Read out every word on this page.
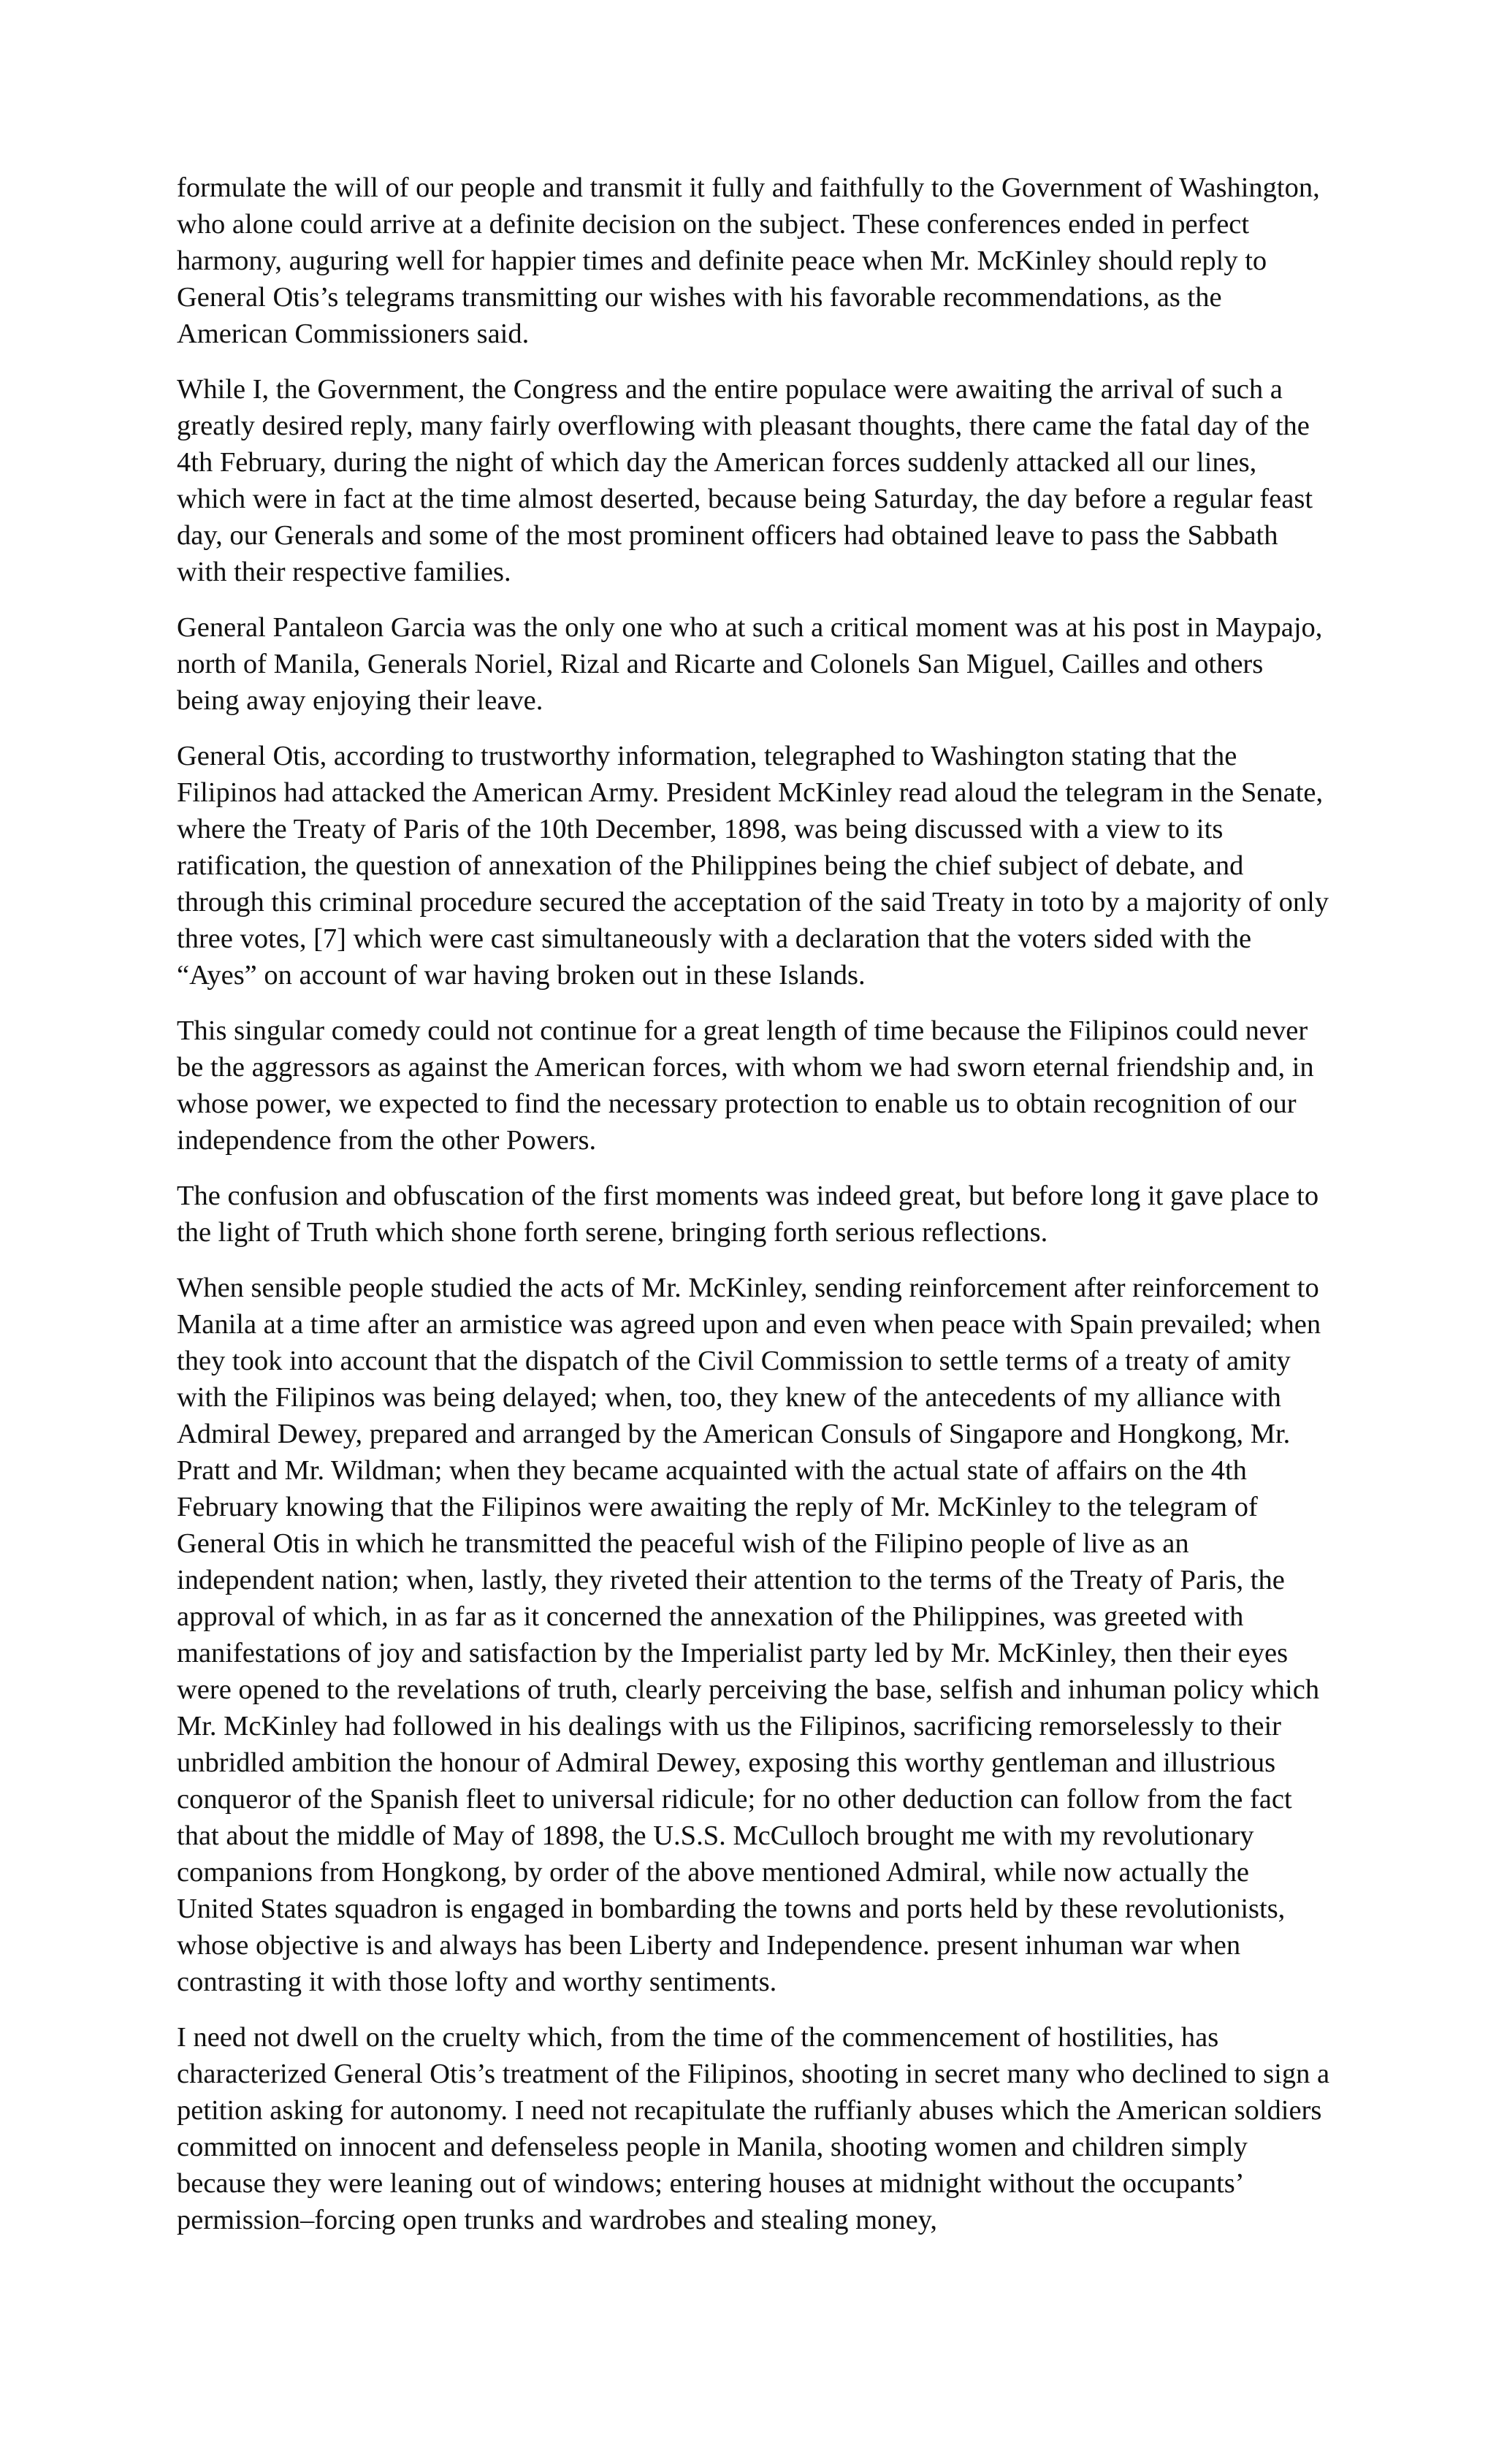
formulate the will of our people and transmit it fully and faithfully to the Government of Washington, who alone could arrive at a definite decision on the subject. These conferences ended in perfect harmony, auguring well for happier times and definite peace when Mr. McKinley should reply to General Otis’s telegrams transmitting our wishes with his favorable recommendations, as the American Commissioners said.

While I, the Government, the Congress and the entire populace were awaiting the arrival of such a greatly desired reply, many fairly overflowing with pleasant thoughts, there came the fatal day of the 4th February, during the night of which day the American forces suddenly attacked all our lines, which were in fact at the time almost deserted, because being Saturday, the day before a regular feast day, our Generals and some of the most prominent officers had obtained leave to pass the Sabbath with their respective families.

General Pantaleon Garcia was the only one who at such a critical moment was at his post in Maypajo, north of Manila, Generals Noriel, Rizal and Ricarte and Colonels San Miguel, Cailles and others being away enjoying their leave.

General Otis, according to trustworthy information, telegraphed to Washington stating that the Filipinos had attacked the American Army. President McKinley read aloud the telegram in the Senate, where the Treaty of Paris of the 10th December, 1898, was being discussed with a view to its ratification, the question of annexation of the Philippines being the chief subject of debate, and through this criminal procedure secured the acceptation of the said Treaty in toto by a majority of only three votes, [7] which were cast simultaneously with a declaration that the voters sided with the “Ayes” on account of war having broken out in these Islands.

This singular comedy could not continue for a great length of time because the Filipinos could never be the aggressors as against the American forces, with whom we had sworn eternal friendship and, in whose power, we expected to find the necessary protection to enable us to obtain recognition of our independence from the other Powers.

The confusion and obfuscation of the first moments was indeed great, but before long it gave place to the light of Truth which shone forth serene, bringing forth serious reflections.

When sensible people studied the acts of Mr. McKinley, sending reinforcement after reinforcement to Manila at a time after an armistice was agreed upon and even when peace with Spain prevailed; when they took into account that the dispatch of the Civil Commission to settle terms of a treaty of amity with the Filipinos was being delayed; when, too, they knew of the antecedents of my alliance with Admiral Dewey, prepared and arranged by the American Consuls of Singapore and Hongkong, Mr. Pratt and Mr. Wildman; when they became acquainted with the actual state of affairs on the 4th February knowing that the Filipinos were awaiting the reply of Mr. McKinley to the telegram of General Otis in which he transmitted the peaceful wish of the Filipino people of live as an independent nation; when, lastly, they riveted their attention to the terms of the Treaty of Paris, the approval of which, in as far as it concerned the annexation of the Philippines, was greeted with manifestations of joy and satisfaction by the Imperialist party led by Mr. McKinley, then their eyes were opened to the revelations of truth, clearly perceiving the base, selfish and inhuman policy which Mr. McKinley had followed in his dealings with us the Filipinos, sacrificing remorselessly to their unbridled ambition the honour of Admiral Dewey, exposing this worthy gentleman and illustrious conqueror of the Spanish fleet to universal ridicule; for no other deduction can follow from the fact that about the middle of May of 1898, the U.S.S. McCulloch brought me with my revolutionary companions from Hongkong, by order of the above mentioned Admiral, while now actually the United States squadron is engaged in bombarding the towns and ports held by these revolutionists, whose objective is and always has been Liberty and Independence. present inhuman war when contrasting it with those lofty and worthy sentiments.

I need not dwell on the cruelty which, from the time of the commencement of hostilities, has characterized General Otis’s treatment of the Filipinos, shooting in secret many who declined to sign a petition asking for autonomy. I need not recapitulate the ruffianly abuses which the American soldiers committed on innocent and defenseless people in Manila, shooting women and children simply because they were leaning out of windows; entering houses at midnight without the occupants’ permission–forcing open trunks and wardrobes and stealing money,
